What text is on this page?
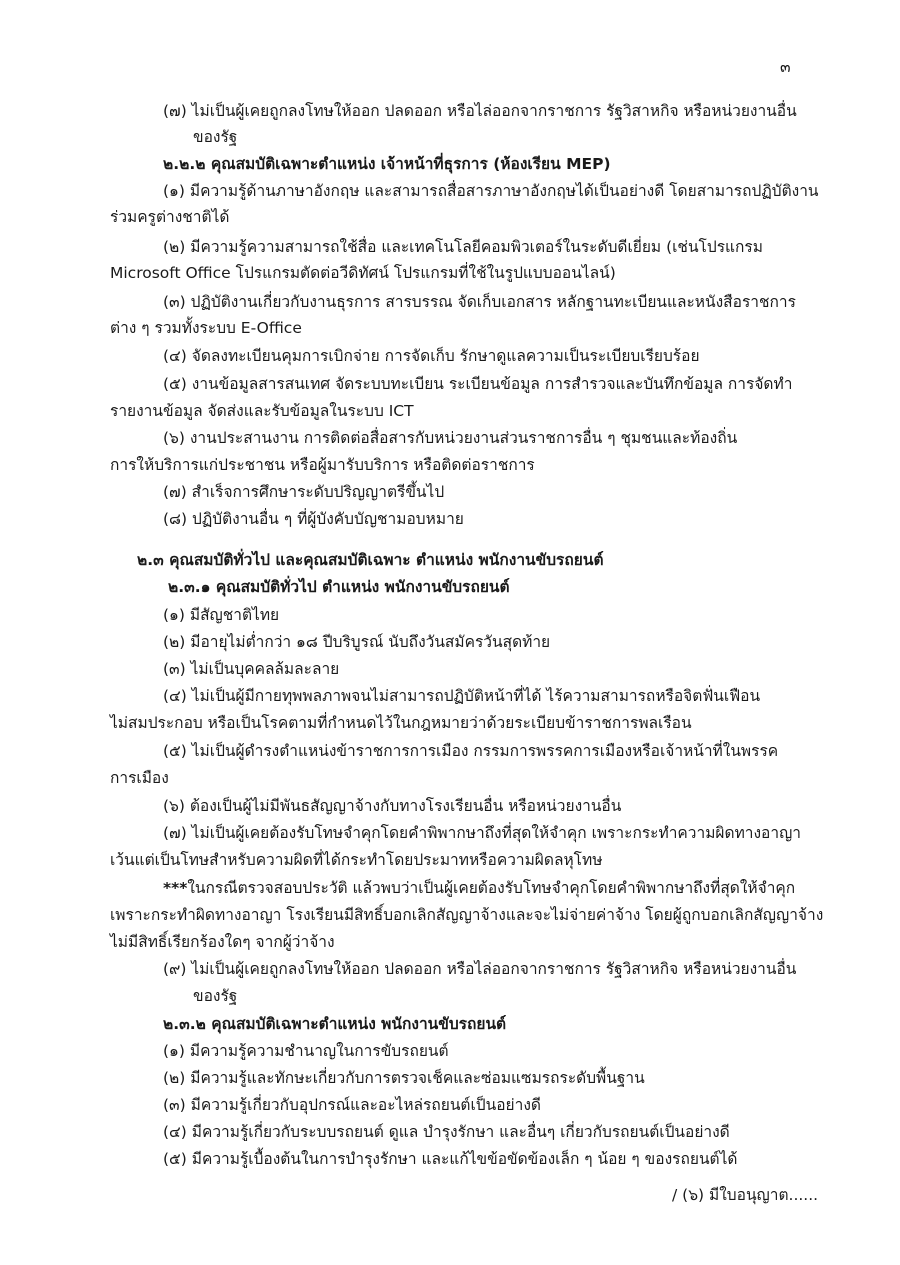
๓
(๗) ไม่เป็นผู้เคยถูกลงโทษให้ออก ปลดออก หรือไล่ออกจากราชการ รัฐวิสาหกิจ หรือหน่วยงานอื่น
ของรัฐ
๒.๒.๒ คุณสมบัติเฉพาะตำแหน่ง เจ้าหน้าที่ธุรการ (ห้องเรียน MEP)
(๑) มีความรู้ด้านภาษาอังกฤษ และสามารถสื่อสารภาษาอังกฤษได้เป็นอย่างดี โดยสามารถปฏิบัติงาน
ร่วมครูต่างชาติได้
(๒) มีความรู้ความสามารถใช้สื่อ และเทคโนโลยีคอมพิวเตอร์ในระดับดีเยี่ยม (เช่นโปรแกรม
Microsoft Office โปรแกรมตัดต่อวีดิทัศน์ โปรแกรมที่ใช้ในรูปแบบออนไลน์)
(๓) ปฏิบัติงานเกี่ยวกับงานธุรการ สารบรรณ จัดเก็บเอกสาร หลักฐานทะเบียนและหนังสือราชการ
ต่าง ๆ รวมทั้งระบบ E-Office
(๔) จัดลงทะเบียนคุมการเบิกจ่าย การจัดเก็บ รักษาดูแลความเป็นระเบียบเรียบร้อย
(๕) งานข้อมูลสารสนเทศ จัดระบบทะเบียน ระเบียนข้อมูล การสำรวจและบันทึกข้อมูล การจัดทำ
รายงานข้อมูล จัดส่งและรับข้อมูลในระบบ ICT
(๖) งานประสานงาน การติดต่อสื่อสารกับหน่วยงานส่วนราชการอื่น ๆ ชุมชนและท้องถิ่น
การให้บริการแก่ประชาชน หรือผู้มารับบริการ หรือติดต่อราชการ
(๗) สำเร็จการศึกษาระดับปริญญาตรีขึ้นไป
(๘) ปฏิบัติงานอื่น ๆ ที่ผู้บังคับบัญชามอบหมาย
๒.๓ คุณสมบัติทั่วไป และคุณสมบัติเฉพาะ ตำแหน่ง พนักงานขับรถยนต์
๒.๓.๑ คุณสมบัติทั่วไป ตำแหน่ง พนักงานขับรถยนต์
(๑) มีสัญชาติไทย
(๒) มีอายุไม่ต่ำกว่า ๑๘ ปีบริบูรณ์ นับถึงวันสมัครวันสุดท้าย
(๓) ไม่เป็นบุคคลล้มละลาย
(๔) ไม่เป็นผู้มีกายทุพพลภาพจนไม่สามารถปฏิบัติหน้าที่ได้ ไร้ความสามารถหรือจิตฟั่นเฟือน
ไม่สมประกอบ หรือเป็นโรคตามที่กำหนดไว้ในกฎหมายว่าด้วยระเบียบข้าราชการพลเรือน
(๕) ไม่เป็นผู้ดำรงตำแหน่งข้าราชการการเมือง กรรมการพรรคการเมืองหรือเจ้าหน้าที่ในพรรค
การเมือง
(๖) ต้องเป็นผู้ไม่มีพันธสัญญาจ้างกับทางโรงเรียนอื่น หรือหน่วยงานอื่น
(๗) ไม่เป็นผู้เคยต้องรับโทษจำคุกโดยคำพิพากษาถึงที่สุดให้จำคุก เพราะกระทำความผิดทางอาญา
เว้นแต่เป็นโทษสำหรับความผิดที่ได้กระทำโดยประมาทหรือความผิดลหุโทษ
***ในกรณีตรวจสอบประวัติ แล้วพบว่าเป็นผู้เคยต้องรับโทษจำคุกโดยคำพิพากษาถึงที่สุดให้จำคุก
เพราะกระทำผิดทางอาญา โรงเรียนมีสิทธิ์บอกเลิกสัญญาจ้างและจะไม่จ่ายค่าจ้าง โดยผู้ถูกบอกเลิกสัญญาจ้าง
ไม่มีสิทธิ์เรียกร้องใดๆ จากผู้ว่าจ้าง
(๙) ไม่เป็นผู้เคยถูกลงโทษให้ออก ปลดออก หรือไล่ออกจากราชการ รัฐวิสาหกิจ หรือหน่วยงานอื่น
ของรัฐ
๒.๓.๒ คุณสมบัติเฉพาะตำแหน่ง พนักงานขับรถยนต์
(๑) มีความรู้ความชำนาญในการขับรถยนต์
(๒) มีความรู้และทักษะเกี่ยวกับการตรวจเช็คและซ่อมแซมรถระดับพื้นฐาน
(๓) มีความรู้เกี่ยวกับอุปกรณ์และอะไหล่รถยนต์เป็นอย่างดี
(๔) มีความรู้เกี่ยวกับระบบรถยนต์ ดูแล บำรุงรักษา และอื่นๆ เกี่ยวกับรถยนต์เป็นอย่างดี
(๕) มีความรู้เบื้องต้นในการบำรุงรักษา และแก้ไขข้อขัดข้องเล็ก ๆ น้อย ๆ ของรถยนต์ได้
/ (๖) มีใบอนุญาต......
